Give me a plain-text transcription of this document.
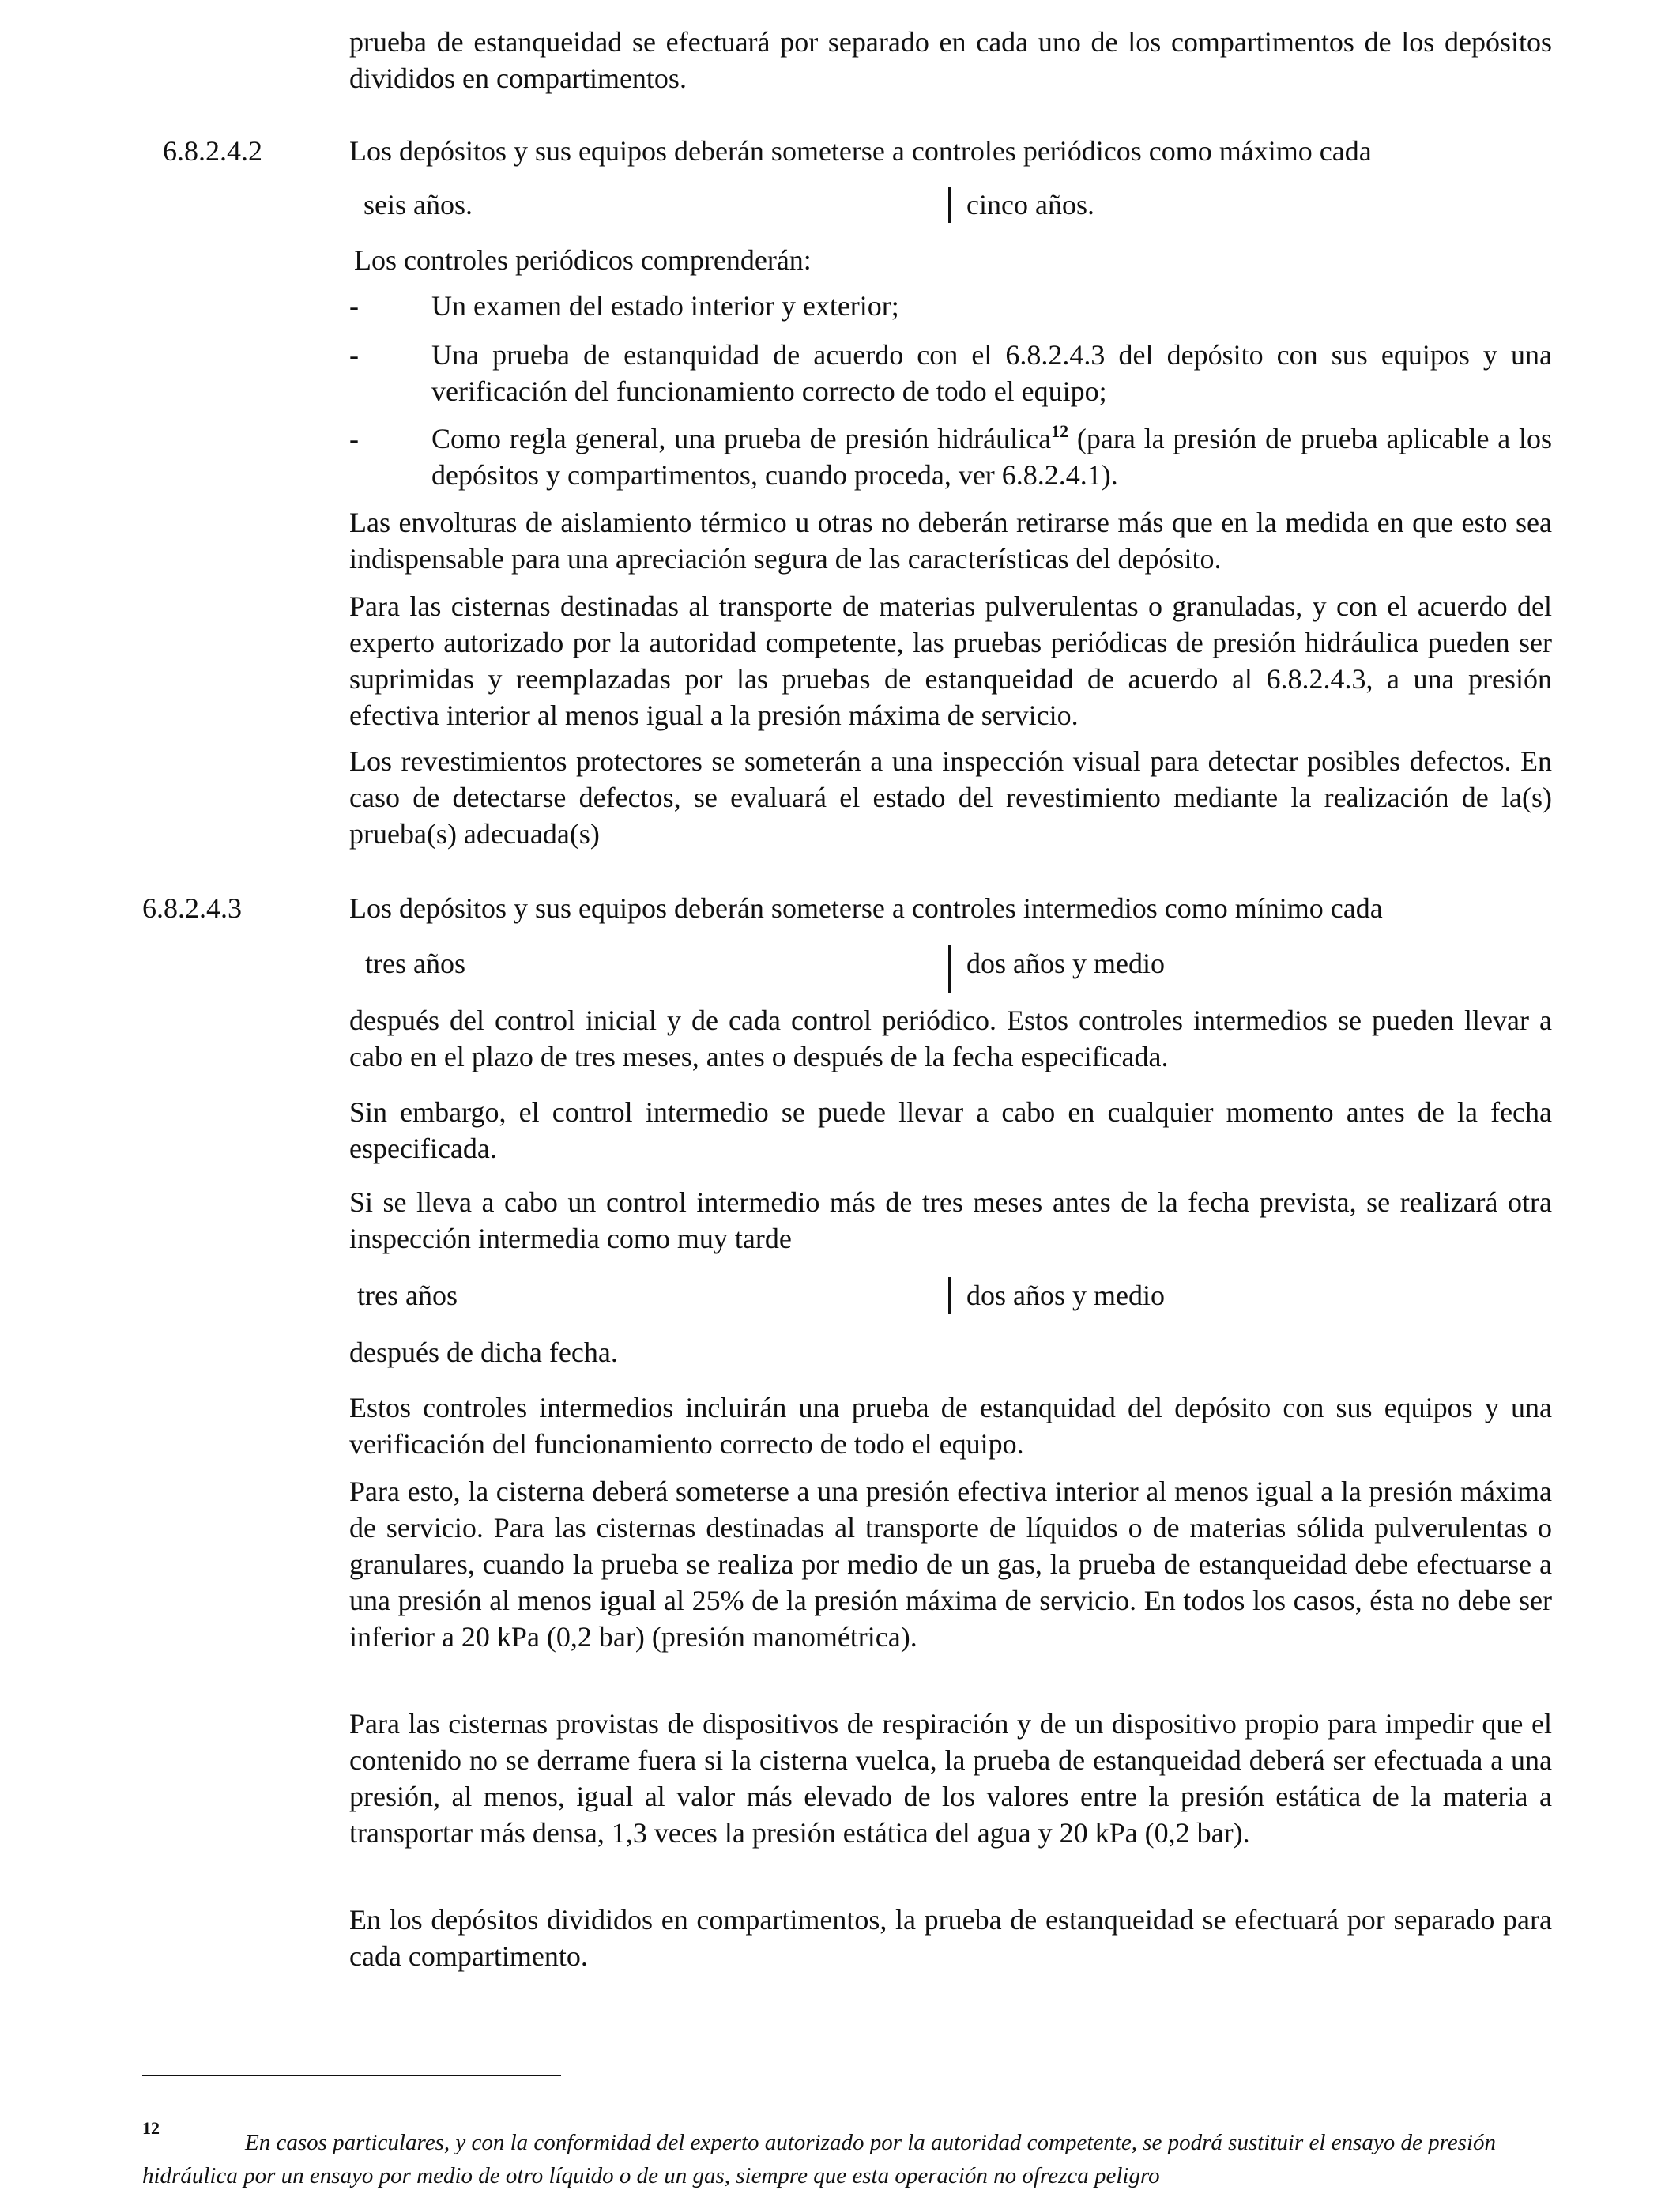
prueba de estanqueidad se efectuará por separado en cada uno de los compartimentos de los depósitos divididos en compartimentos.

6.8.2.4.2	Los depósitos y sus equipos deberán someterse a controles periódicos como máximo cada

seis años.	cinco años.

Los controles periódicos comprenderán:

-	Un examen del estado interior y exterior;

-	Una prueba de estanquidad de acuerdo con el 6.8.2.4.3 del depósito con sus equipos y una verificación del funcionamiento correcto de todo el equipo;

-	Como regla general, una prueba de presión hidráulica$^{12}$ (para la presión de prueba aplicable a los depósitos y compartimentos, cuando proceda, ver 6.8.2.4.1).

Las envolturas de aislamiento térmico u otras no deberán retirarse más que en la medida en que esto sea indispensable para una apreciación segura de las características del depósito.

Para las cisternas destinadas al transporte de materias pulverulentas o granuladas, y con el acuerdo del experto autorizado por la autoridad competente, las pruebas periódicas de presión hidráulica pueden ser suprimidas y reemplazadas por las pruebas de estanqueidad de acuerdo al 6.8.2.4.3, a una presión efectiva interior al menos igual a la presión máxima de servicio.

Los revestimientos protectores se someterán a una inspección visual para detectar posibles defectos. En caso de detectarse defectos, se evaluará el estado del revestimiento mediante la realización de la(s) prueba(s) adecuada(s)

6.8.2.4.3	Los depósitos y sus equipos deberán someterse a controles intermedios como mínimo cada

tres años	dos años y medio

después del control inicial y de cada control periódico. Estos controles intermedios se pueden llevar a cabo en el plazo de tres meses, antes o después de la fecha especificada.

Sin embargo, el control intermedio se puede llevar a cabo en cualquier momento antes de la fecha especificada.

Si se lleva a cabo un control intermedio más de tres meses antes de la fecha prevista, se realizará otra inspección intermedia como muy tarde

tres años	dos años y medio

después de dicha fecha.

Estos controles intermedios incluirán una prueba de estanquidad del depósito con sus equipos y una verificación del funcionamiento correcto de todo el equipo.

Para esto, la cisterna deberá someterse a una presión efectiva interior al menos igual a la presión máxima de servicio. Para las cisternas destinadas al transporte de líquidos o de materias sólida pulverulentas o granulares, cuando la prueba se realiza por medio de un gas, la prueba de estanqueidad debe efectuarse a una presión al menos igual al 25% de la presión máxima de servicio. En todos los casos, ésta no debe ser inferior a 20 kPa (0,2 bar) (presión manométrica).

Para las cisternas provistas de dispositivos de respiración y de un dispositivo propio para impedir que el contenido no se derrame fuera si la cisterna vuelca, la prueba de estanqueidad deberá ser efectuada a una presión, al menos, igual al valor más elevado de los valores entre la presión estática de la materia a transportar más densa, 1,3 veces la presión estática del agua y 20 kPa (0,2 bar).

En los depósitos divididos en compartimentos, la prueba de estanqueidad se efectuará por separado para cada compartimento.

12

En casos particulares, y con la conformidad del experto autorizado por la autoridad competente, se podrá sustituir el ensayo de presión hidráulica por un ensayo por medio de otro líquido o de un gas, siempre que esta operación no ofrezca peligro
